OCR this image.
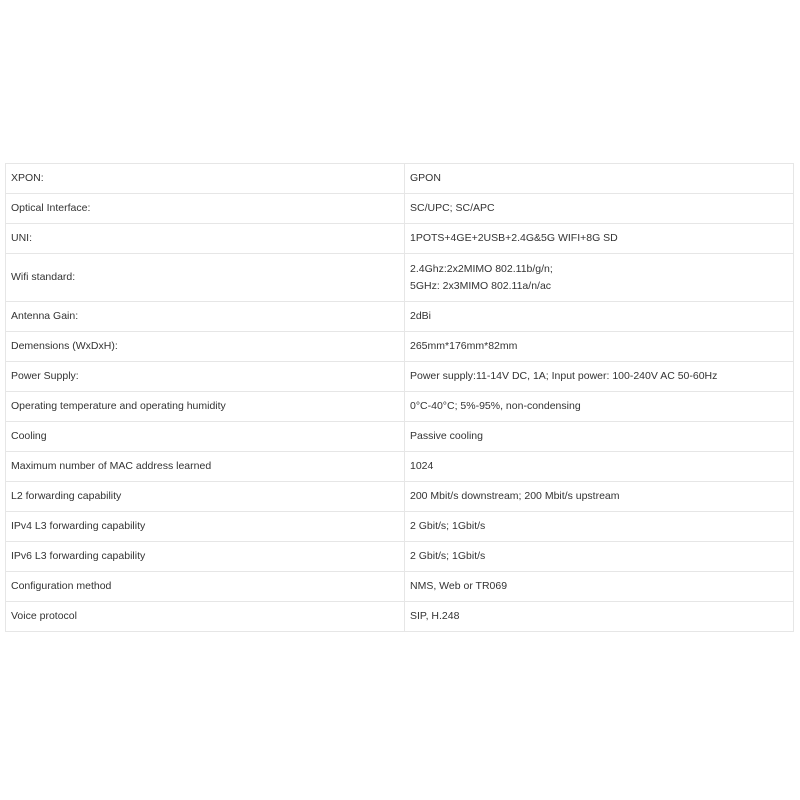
XPON:	GPON
Optical Interface:	SC/UPC; SC/APC
UNI:	1POTS+4GE+2USB+2.4G&5G WIFI+8G SD
Wifi standard:	2.4Ghz:2x2MIMO 802.11b/g/n;
5GHz: 2x3MIMO 802.11a/n/ac

Antenna Gain:	2dBi
Demensions (WxDxH):	265mm*176mm*82mm
Power Supply:	Power supply:11-14V DC, 1A; Input power: 100-240V AC 50-60Hz
Operating temperature and operating humidity	0°C-40°C; 5%-95%, non-condensing
Cooling	Passive cooling
Maximum number of MAC address learned	1024
L2 forwarding capability	200 Mbit/s downstream; 200 Mbit/s upstream
IPv4 L3 forwarding capability	2 Gbit/s; 1Gbit/s
IPv6 L3 forwarding capability	2 Gbit/s; 1Gbit/s
Configuration method	NMS, Web or TR069
Voice protocol	SIP, H.248
